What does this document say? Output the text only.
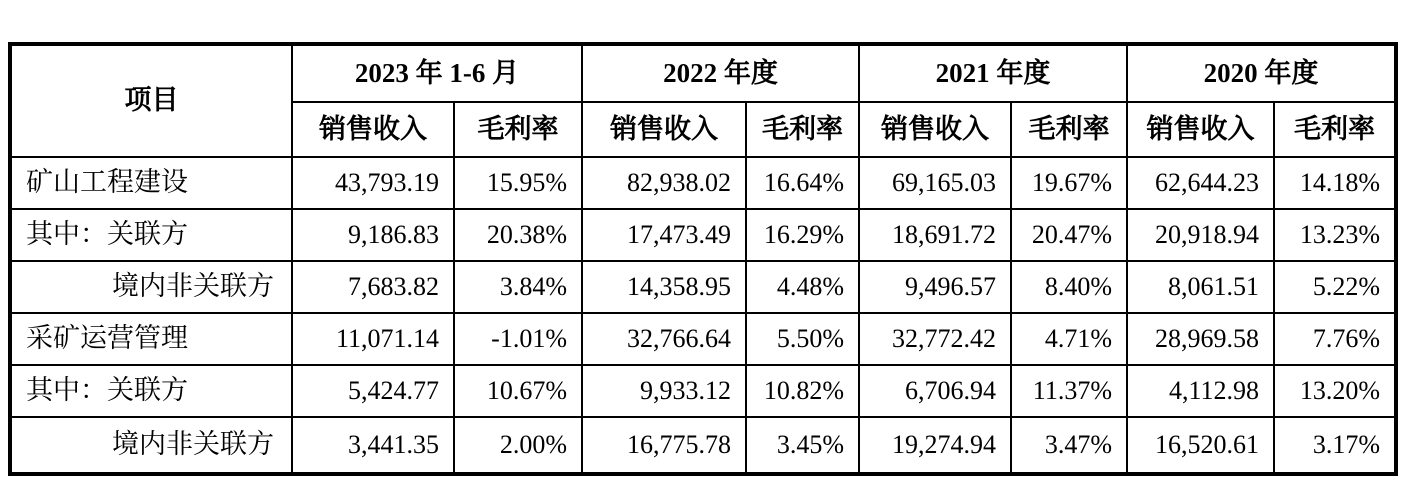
项目	2023 年 1-6 月		2022 年度		2021 年度		2020 年度	
	销售收入	毛利率	销售收入	毛利率	销售收入	毛利率	销售收入	毛利率
矿山工程建设	43,793.19	15.95%	82,938.02	16.64%	69,165.03	19.67%	62,644.23	14.18%
其中：关联方	9,186.83	20.38%	17,473.49	16.29%	18,691.72	20.47%	20,918.94	13.23%
境内非关联方	7,683.82	3.84%	14,358.95	4.48%	9,496.57	8.40%	8,061.51	5.22%
采矿运营管理	11,071.14	-1.01%	32,766.64	5.50%	32,772.42	4.71%	28,969.58	7.76%
其中：关联方	5,424.77	10.67%	9,933.12	10.82%	6,706.94	11.37%	4,112.98	13.20%
境内非关联方	3,441.35	2.00%	16,775.78	3.45%	19,274.94	3.47%	16,520.61	3.17%
